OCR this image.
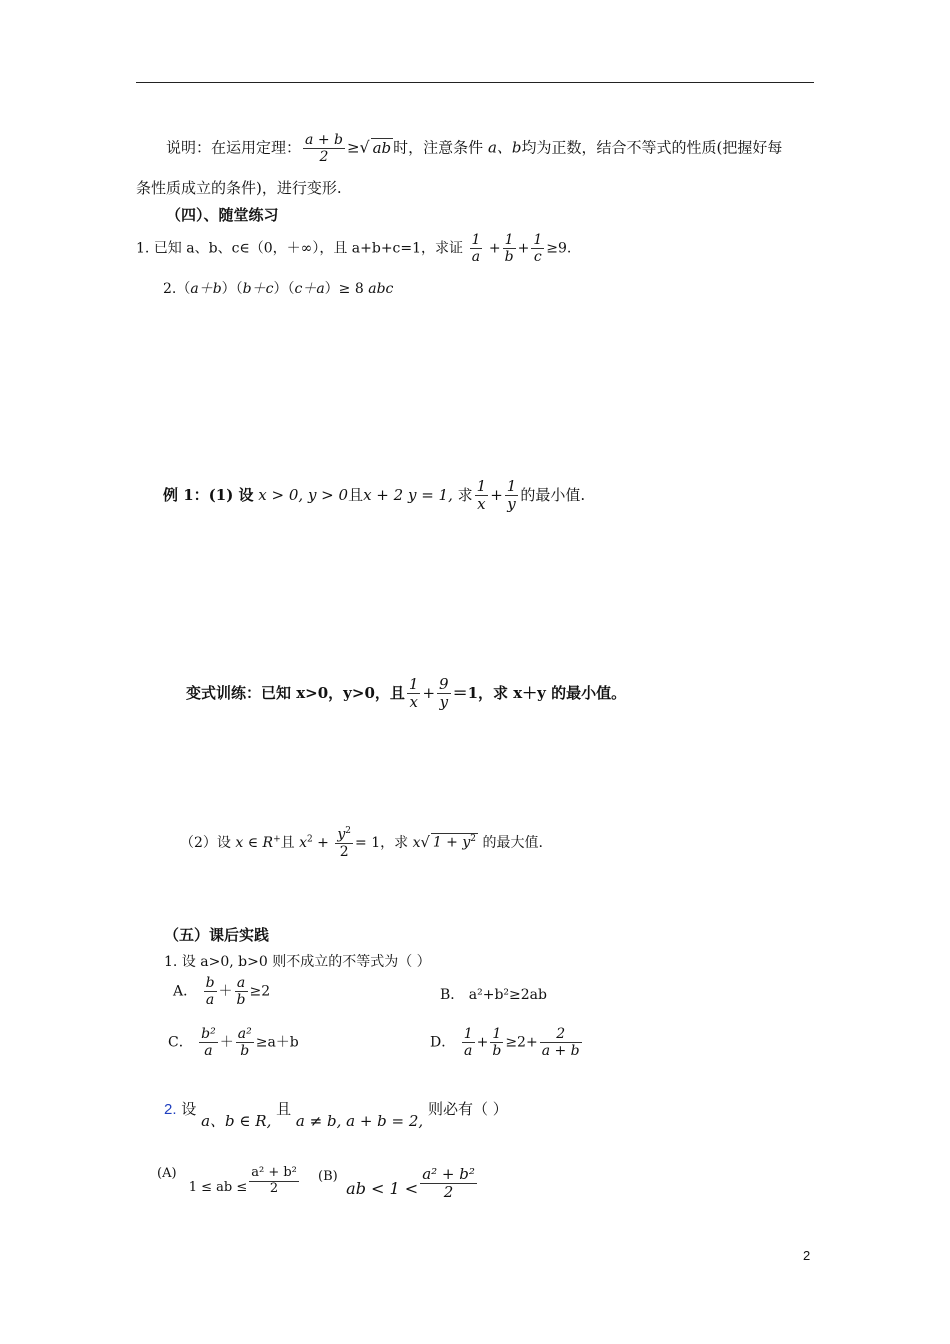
说明：在运用定理： $\frac{a + b}{2}$ ≥√ ab 时，注意条件 a、b均为正数，结合不等式的性质(把握好每
条性质成立的条件)，进行变形.
（四）、随堂练习
1. 已知 a、b、c∈（0，＋∞），且 a+b+c=1，求证 $\frac{1}{a} + \frac{1}{b} + \frac{1}{c} \ge 9$.
2.（a＋b）（b＋c）（c＋a）≥ 8 abc
例 1：(1) 设 x > 0, y > 0且x + 2 y = 1, 求 $\frac{1}{x} + \frac{1}{y}$ 的最小值.
变式训练：已知 x>0，y>0，且 $\frac{1}{x} + \frac{9}{y} =1$，求 x＋y 的最小值。
（2）设 x ∈ R+且 $x^2 + \frac{y^2}{2} = 1$，求 x√ $1 + y^2$ 的最大值.
（五）课后实践
1. 设 a>0, b>0 则不成立的不等式为（ ）
A． $\frac{b}{a} + \frac{a}{b} \ge 2$	B． a²+b²≥2ab
C． $\frac{\text{b²}}{a} + \frac{\text{a²}}{b} \ge a+b$	D． $\frac{1}{a} + \frac{1}{b} \ge 2+ \frac{2}{a + b}$
2. 设 a、b ∈ R, 且 a ≠ b, a + b = 2, 则必有（ ）
(A) 1 ≤ ab ≤ $\frac{\text{a² + b²}}{2} (B)$ ab < $1 < \frac{\text{a² + b²}}{2}$
2
